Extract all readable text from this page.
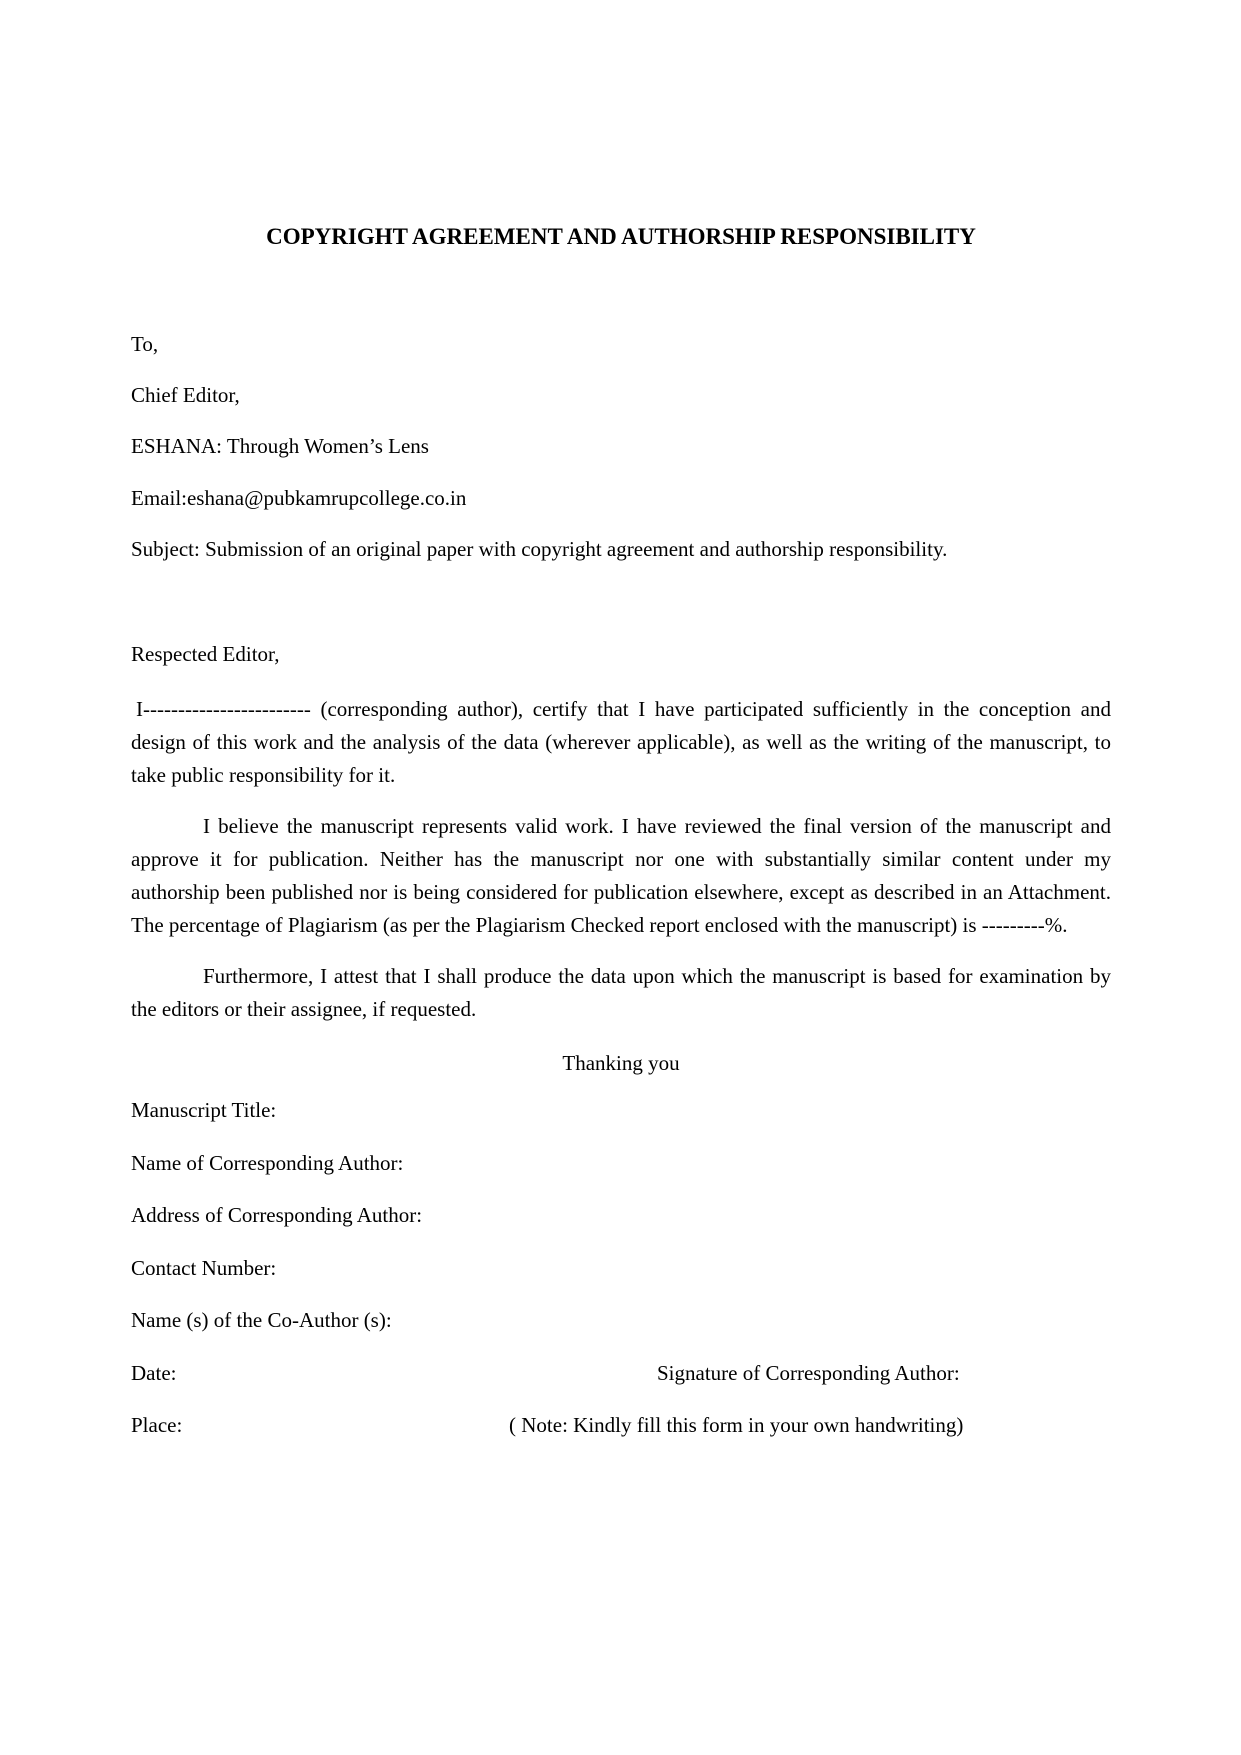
COPYRIGHT AGREEMENT AND AUTHORSHIP RESPONSIBILITY

To,

Chief Editor,

ESHANA: Through Women’s Lens

Email:eshana@pubkamrupcollege.co.in

Subject: Submission of an original paper with copyright agreement and authorship responsibility.

Respected Editor,

I------------------------ (corresponding author), certify that I have participated sufficiently in the conception and design of this work and the analysis of the data (wherever applicable), as well as the writing of the manuscript, to take public responsibility for it.

I believe the manuscript represents valid work. I have reviewed the final version of the manuscript and approve it for publication. Neither has the manuscript nor one with substantially similar content under my authorship been published nor is being considered for publication elsewhere, except as described in an Attachment. The percentage of Plagiarism (as per the Plagiarism Checked report enclosed with the manuscript) is ---------%.

Furthermore, I attest that I shall produce the data upon which the manuscript is based for examination by the editors or their assignee, if requested.

Thanking you

Manuscript Title:

Name of Corresponding Author:

Address of Corresponding Author:

Contact Number:

Name (s) of the Co-Author (s):

Date:	Signature of Corresponding Author:
Place:	( Note: Kindly fill this form in your own handwriting)
